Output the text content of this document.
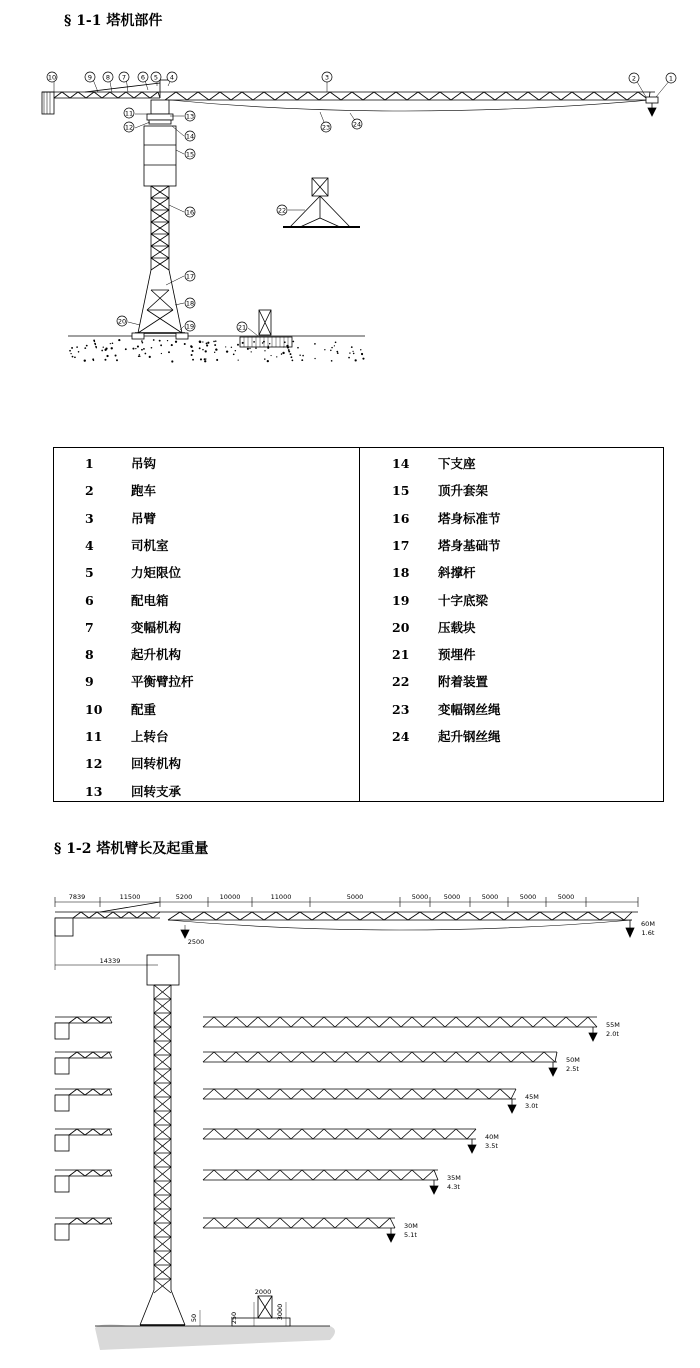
§ 1-1 塔机部件
10	9 8 7 6 5 4	3	2	1
11
12
13
14
15
16
17
18
19
20
21
22
23	24
1	吊钩
2	跑车
3	吊臂
4	司机室
5	力矩限位
6	配电箱
7	变幅机构
8	起升机构
9	平衡臂拉杆
10	配重
11	上转台
12	回转机构
13	回转支承
14	下支座
15	顶升套架
16	塔身标准节
17	塔身基础节
18	斜撑杆
19	十字底梁
20	压载块
21	预埋件
22	附着装置
23	变幅钢丝绳
24	起升钢丝绳
§ 1-2 塔机臂长及起重量
7839	11500	5200	10000	11000	5000	5000 5000	5000	5000	5000
2500
14339
60M
1.6t
55M
2.0t
50M
2.5t
45M
3.0t
40M
3.5t
35M
4.3t
30M
5.1t
2000
50	250	3000
